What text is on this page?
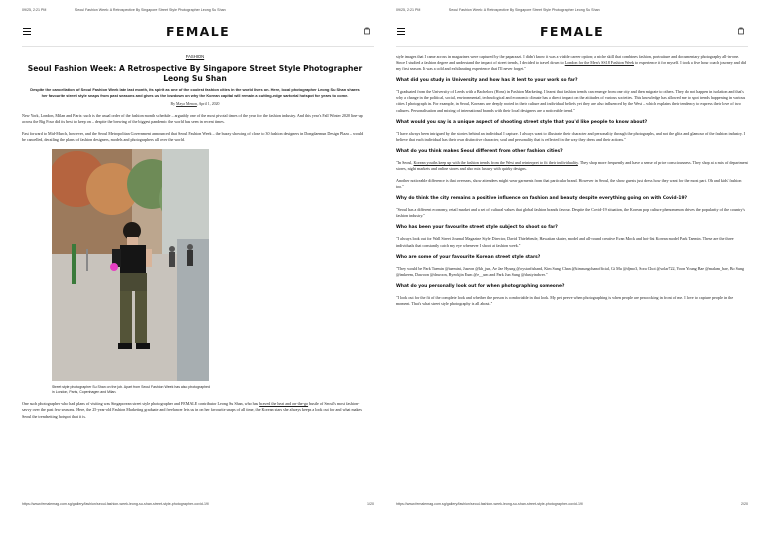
09/25, 2:21 PM	Seoul Fashion Week: A Retrospective By Singapore Street Style Photographer Leong Su Shan
FEMALE
FASHION
Seoul Fashion Week: A Retrospective By Singapore Street Style Photographer Leong Su Shan
Despite the cancellation of Seoul Fashion Week late last month, its spirit as one of the coolest fashion cities in the world lives on. Here, local photographer Leong Su Shan shares her favourite street style snaps from past seasons and gives us the lowdown on why the Korean capital will remain a cutting-edge sartorial hotspot for years to come.
By Maya Menon, April 1, 2020

New York, London, Milan and Paris: such is the usual order of the fashion month schedule – arguably one of the most pivotal times of the year for the fashion industry. And this year's Fall Winter 2020 line-up across the Big Four did its best to keep on – despite the brewing of the biggest pandemic the world has seen in recent times.

Fast forward to Mid-March, however, and the Seoul Metropolitan Government announced that Seoul Fashion Week – the buzzy showing of close to 30 fashion designers in Dongdaemun Design Plaza – would be cancelled, derailing the plans of fashion designers, models and photographers all over the world.

Street style photographer Su Shan on the job. Apart from Seoul Fashion Week has also photographed in London, Paris, Copenhagen and Milan.

One such photographer who had plans of visiting was Singaporean street style photographer and FEMALE contributor Leong Su Shan, who has braved the heat and on-the-go bustle of Seoul's most fashion-savvy over the past few seasons. Here, the 25-year-old Fashion Marketing graduate and freelancer lets us in on her favourite snaps of all time, the Korean stars she always keeps a look out for and what makes Seoul the trendsetting hotspot that it is.

https://www.femalemag.com.sg/gallery/fashion/seoul-fashion-week-leong-su-shan-street-style-photographer-covid-19/	1/20
09/25, 2:21 PM	Seoul Fashion Week: A Retrospective By Singapore Street Style Photographer Leong Su Shan
FEMALE

style images that I came across in magazines were captured by the paparazzi. I didn't know it was a viable career option; a niche skill that combines fashion, portraiture and documentary photography all-in-one. Since I studied a fashion degree and understand the impact of street trends, I decided to travel down to London for the Men's SS18 Fashion Week to experience it for myself. I took a five hour coach journey and did my first season. It was a cold and exhilarating experience that I'll never forget."

What did you study in University and how has it lent to your work so far?

"I graduated from the University of Leeds with a Bachelors (Hons) in Fashion Marketing. I learnt that fashion trends can emerge from one city and then migrate to others. They do not happen in isolation and that's why a change in the political, social, environmental, technological and economic climate has a direct impact on the attitudes of various societies. This knowledge has allowed me to spot trends happening in various cities I photograph in. For example, in Seoul, Koreans are deeply rooted in their culture and individual beliefs yet they are also influenced by the West – which explains their tendency to express their love of two cultures. Personalisation and mixing of international brands with their local designers are a noticeable trend."

What would you say is a unique aspect of shooting street style that you'd like people to know about?

"I have always been intrigued by the stories behind an individual I capture. I always want to illustrate their character and personality through the photographs, and not the glitz and glamour of the fashion industry. I believe that each individual has their own distinctive character, soul and personality that is reflected in the way they dress and their actions."

What do you think makes Seoul different from other fashion cities?

"In Seoul, Korean youths keep up with the fashion trends from the West and reinterpret to fit their individuality. They shop more frequently and have a sense of price consciousness. They shop at a mix of department stores, night markets and online stores and also mix luxury with quirky designs.

Another noticeable difference is that overseas, show attendees might wear garments from that particular brand. However in Seoul, the show guests just dress how they want for the most part. Oh and kids' fashion too."

Why do think the city remains a positive influence on fashion and beauty despite everything going on with Covid-19?

"Seoul has a different economy, retail market and a set of cultural values that global fashion brands favour. Despite the Covid-19 situation, the Korean pop culture phenomenon drives the popularity of the country's fashion industry."

Who has been your favourite street style subject to shoot so far?

"I always look out for Wall Street Journal Magazine Style Director, David Thielebeule, Hawaiian skater, model and all-round creative Evan Mock and hot-list Korean model Park Taemin. These are the three individuals that constantly catch my eye whenever I shoot at fashion week."

Who are some of your favourite Korean street style stars?

"They would be Park Taemin @taemini, Juseon @kh_jun, Ae Jae Hyung @oystarfishand, Kim Sung Chan @kimsungchanofficial, Gi Mu @djmo3, Sora Choi @solar722, Yoon Young Bae @malam_bae, Bo Sung @imkeem, Dawoon @dawoon, Byeokjin Eum @e__um and Park Jun Sung @dustyindwer."

What do you personally look out for when photographing someone?

"I look out for the fit of the complete look and whether the person is comfortable in that look. My pet peeve when photographing is when people are peacocking in front of me. I love to capture people in the moment. That's what street style photography is all about."

https://www.femalemag.com.sg/gallery/fashion/seoul-fashion-week-leong-su-shan-street-style-photographer-covid-19/	2/20
